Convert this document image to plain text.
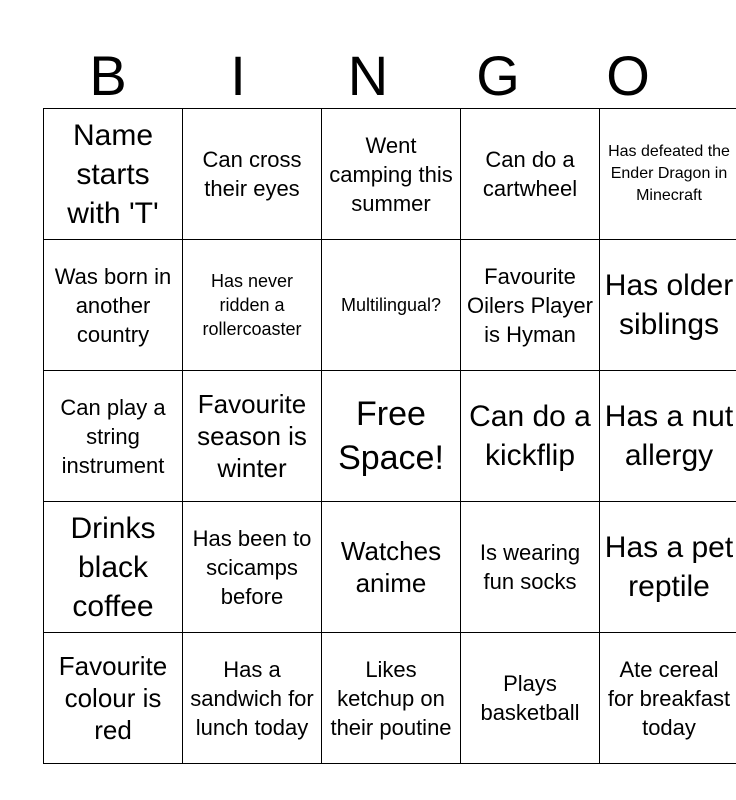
B	I	N	G	O
Name starts with 'T'	Can cross their eyes	Went camping this summer	Can do a cartwheel	Has defeated the Ender Dragon in Minecraft

Was born in another country	Has never ridden a rollercoaster	Multilingual?	Favourite Oilers Player is Hyman	Has older siblings

Can play a string instrument	Favourite season is winter	Free Space!	Can do a kickflip	Has a nut allergy

Drinks black coffee	Has been to scicamps before	Watches anime	Is wearing fun socks	Has a pet reptile

Favourite colour is red	Has a sandwich for lunch today	Likes ketchup on their poutine	Plays basketball	Ate cereal for breakfast today
